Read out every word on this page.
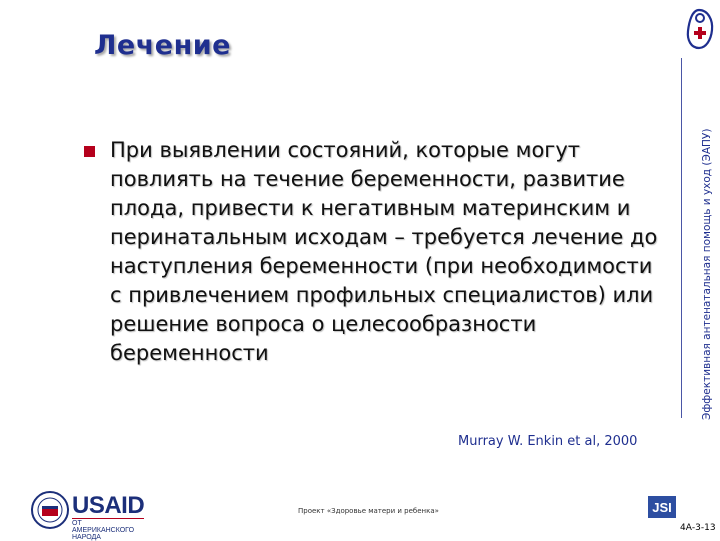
Лечение
Эффективная антенатальная помощь и уход (ЭАПУ)
При выявлении состояний, которые могут повлиять на течение беременности, развитие плода, привести к негативным материнским и перинатальным исходам – требуется лечение до наступления беременности (при необходимости с привлечением профильных специалистов) или решение вопроса о целесообразности беременности
Murray W. Enkin et al, 2000
USAID
ОТ АМЕРИКАНСКОГО НАРОДА
Проект «Здоровье матери и ребенка»	JSI
4А-3-13
